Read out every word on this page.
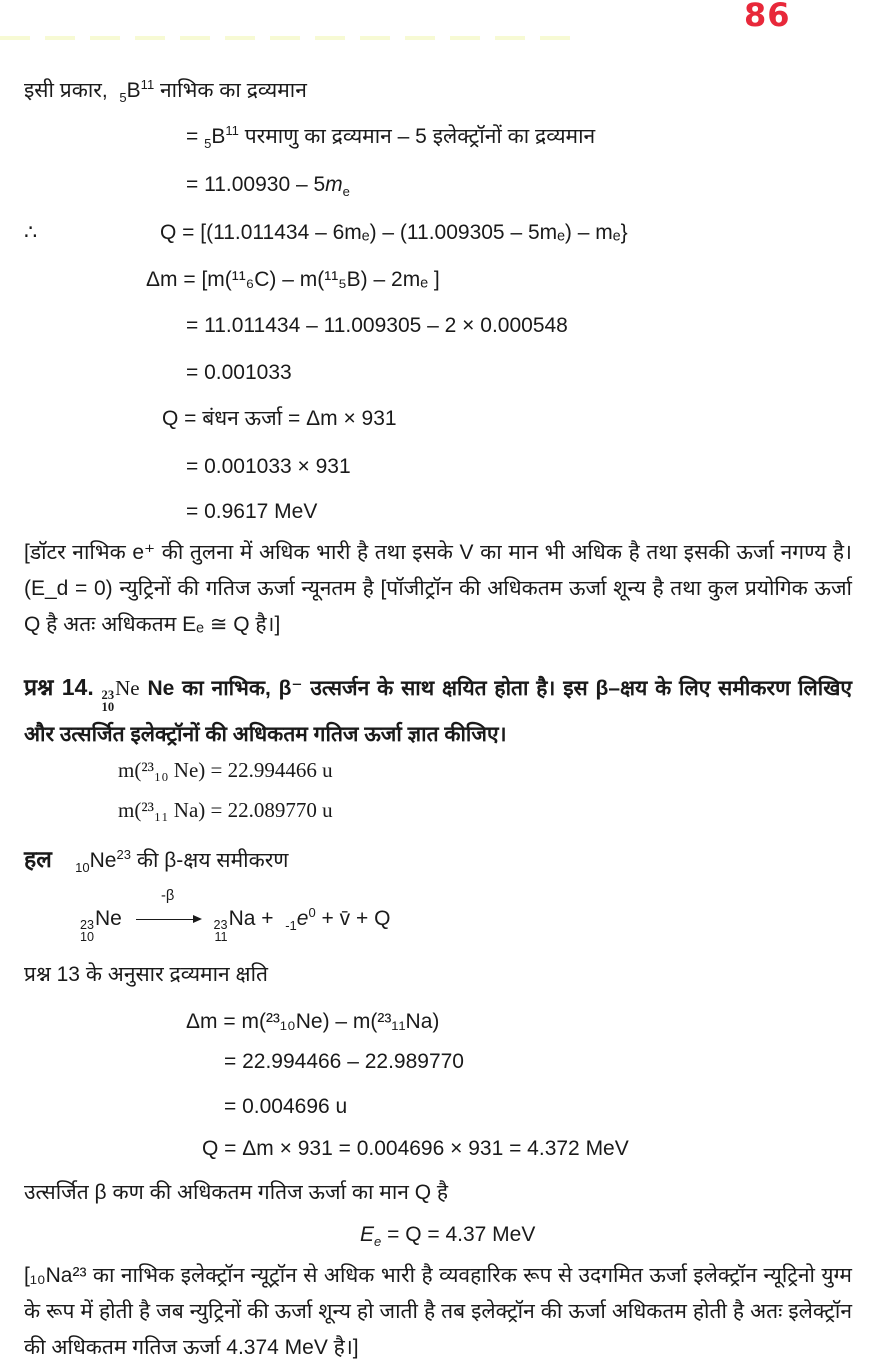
86
इसी प्रकार, $_5B^{11}$ नाभिक का द्रव्यमान
= $_5B^{11}$ परमाणु का द्रव्यमान – 5 इलेक्ट्रॉनों का द्रव्यमान
= $11.00930 - 5m_e$
∴	Q = [(11.011434 – 6mₑ) – (11.009305 – 5mₑ) – mₑ}
Δm = [m(¹¹₆C) – m(¹¹₅B) – 2mₑ ]
= 11.011434 – 11.009305 – 2 × 0.000548
= 0.001033
Q = बंधन ऊर्जा = Δm × 931
= 0.001033 × 931
= 0.9617 MeV
[डॉटर नाभिक e⁺ की तुलना में अधिक भारी है तथा इसके V का मान भी अधिक है तथा इसकी ऊर्जा नगण्य है। (E_d = 0) न्युट्रिनों की गतिज ऊर्जा न्यूनतम है [पॉजीट्रॉन की अधिकतम ऊर्जा शून्य है तथा कुल प्रयोगिक ऊर्जा Q है अतः अधिकतम Eₑ ≅ Q है।]
प्रश्न 14. 23
10
Ne Ne का नाभिक, β⁻ उत्सर्जन के साथ क्षयित होता है। इस β–क्षय के लिए समीकरण लिखिए और उत्सर्जित इलेक्ट्रॉनों की अधिकतम गतिज ऊर्जा ज्ञात कीजिए।
m(²³₁₀ Ne) = 22.994466 u
m(²³₁₁ Na) = 22.089770 u
हल $_{10}Ne^{23}$ की β-क्षय समीकरण
23
10
Ne
-β

23
11
$Na + _{-1}e^0$ + v̄ + Q
प्रश्न 13 के अनुसार द्रव्यमान क्षति
Δm = m(²³₁₀Ne) – m(²³₁₁Na)
= 22.994466 – 22.989770
= 0.004696 u
Q = Δm × 931 = 0.004696 × 931 = 4.372 MeV
उत्सर्जित β कण की अधिकतम गतिज ऊर्जा का मान Q है
$E_e = Q = 4.37$ MeV
[₁₀Na²³ का नाभिक इलेक्ट्रॉन न्यूट्रॉन से अधिक भारी है व्यवहारिक रूप से उदगमित ऊर्जा इलेक्ट्रॉन न्यूट्रिनो युग्म के रूप में होती है जब न्युट्रिनों की ऊर्जा शून्य हो जाती है तब इलेक्ट्रॉन की ऊर्जा अधिकतम होती है अतः इलेक्ट्रॉन की अधिकतम गतिज ऊर्जा 4.374 MeV है।]
